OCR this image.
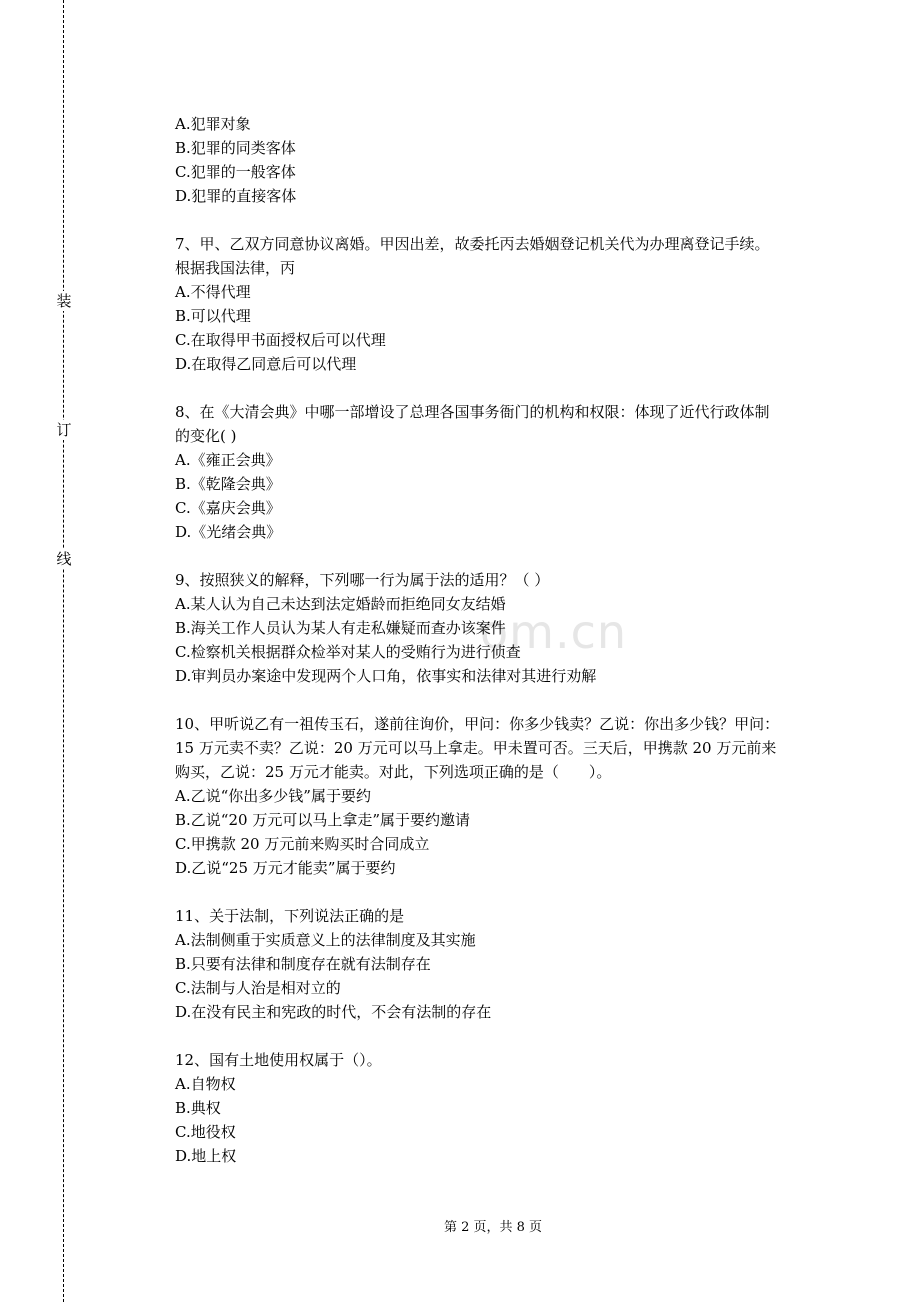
装
订
线
om.cn

A.犯罪对象

B.犯罪的同类客体

C.犯罪的一般客体

D.犯罪的直接客体

7、甲、乙双方同意协议离婚。甲因出差，故委托丙去婚姻登记机关代为办理离登记手续。

根据我国法律，丙

A.不得代理

B.可以代理

C.在取得甲书面授权后可以代理

D.在取得乙同意后可以代理

8、在《大清会典》中哪一部增设了总理各国事务衙门的机构和权限：体现了近代行政体制

的变化( )

A.《雍正会典》

B.《乾隆会典》

C.《嘉庆会典》

D.《光绪会典》

9、按照狭义的解释，下列哪一行为属于法的适用？（ ）

A.某人认为自己未达到法定婚龄而拒绝同女友结婚

B.海关工作人员认为某人有走私嫌疑而查办该案件

C.检察机关根据群众检举对某人的受贿行为进行侦查

D.审判员办案途中发现两个人口角，依事实和法律对其进行劝解

10、甲听说乙有一祖传玉石，遂前往询价，甲问：你多少钱卖？乙说：你出多少钱？甲问：

15 万元卖不卖？乙说：20 万元可以马上拿走。甲未置可否。三天后，甲携款 20 万元前来

购买，乙说：25 万元才能卖。对此，下列选项正确的是（　　）。

A.乙说“你出多少钱”属于要约

B.乙说“20 万元可以马上拿走”属于要约邀请

C.甲携款 20 万元前来购买时合同成立

D.乙说“25 万元才能卖”属于要约

11、关于法制，下列说法正确的是

A.法制侧重于实质意义上的法律制度及其实施

B.只要有法律和制度存在就有法制存在

C.法制与人治是相对立的

D.在没有民主和宪政的时代，不会有法制的存在

12、国有土地使用权属于（）。

A.自物权

B.典权

C.地役权

D.地上权

第 2 页，共 8 页
